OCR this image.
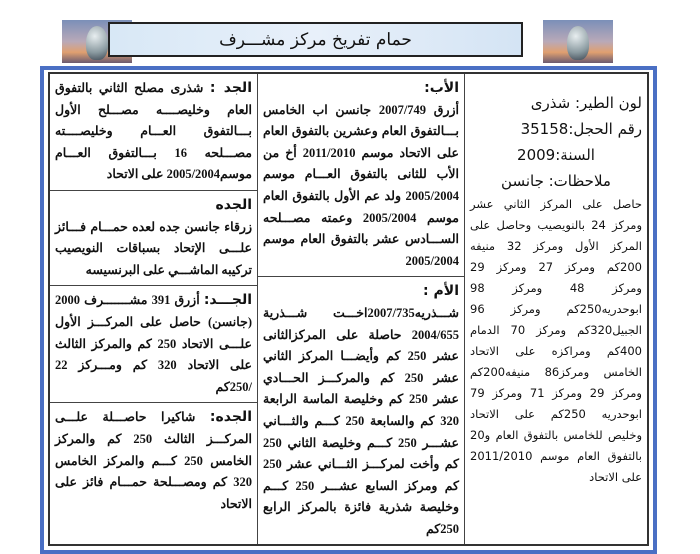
حمام تفريخ مركز مشـــرف
لون الطير: شذرى
رقم الحجل:35158
السنة:2009
ملاحظات: جانسن
حاصل على المركز الثاني عشر ومركز 24 بالنويصيب وحاصل على المركز الأول ومركز 32 منيفه 200كم ومركز 27 ومركز 29 ومركز 48 ومركز 98 ابوحدريه250كم ومركز 96 الجبيل320كم ومركز 70 الدمام 400كم ومراكزه على الاتحاد الخامس ومركز86 منيفه200كم ومركز 29 ومركز 71 ومركز 79 ابوحدريه 250كم على الاتحاد وخليص للخامس بالتفوق العام و20 بالتفوق العام موسم 2011/2010 على الاتحاد
الأب:
أزرق 2007/749 جانسن اب الخامس بـــالتفوق العام وعشرين بالتفوق العام على الاتحاد موسم 2011/2010 أخ من الأب للثانى بالتفوق العـــام موسم 2005/2004 ولد عم الأول بالتفوق العام موسم 2005/2004 وعمته مصـــلحه الســـادس عشر بالتفوق العام موسم 2005/2004
الأم :
شـــذريه2007/735اخـــت شـــذرية 2004/655 حاصلة على المركزالثانى عشر 250 كم وأيضـــا المركز الثاني عشر 250 كم والمركـــز الحـــادي عشر 250 كم وخليصة الماسة الرابعة 320 كم والسابعة 250 كـــم والثـــاني عشـــر 250 كـــم وخليصة الثاني 250 كم وأخت لمركـــز الثـــاني عشر 250 كم ومركز السابع عشـــر 250 كـــم وخليصة شذرية فائزة بالمركز الرابع 250كم
الجد : شذرى مصلح الثاني بالتفوق العام وخليصــــه مصـــلح الأول بـــالتفوق العـــام وخليصــــته مصـــلحه 16 بـــالتفوق العـــام موسم2005/2004 على الاتحاد
الجده
زرقاء جانسن جده لعده حمـــام فـــائز علـــى الإتحاد بسباقات النويصيب تركيبه الماشـــي على البرنسيسه
الجـــد: أزرق 391 مشـــــــرف 2000 (جانسن) حاصل على المركـــز الأول علـــى الاتحاد 250 كم والمركز الثالث على الاتحاد 320 كم ومـــركز 22 /250كم
الجده: شاكيرا حاصـــلة علـــى المركـــز الثالث 250 كم والمركز الخامس 250 كـــم والمركز الخامس 320 كم ومصـــلحة حمـــام فائز على الاتحاد
